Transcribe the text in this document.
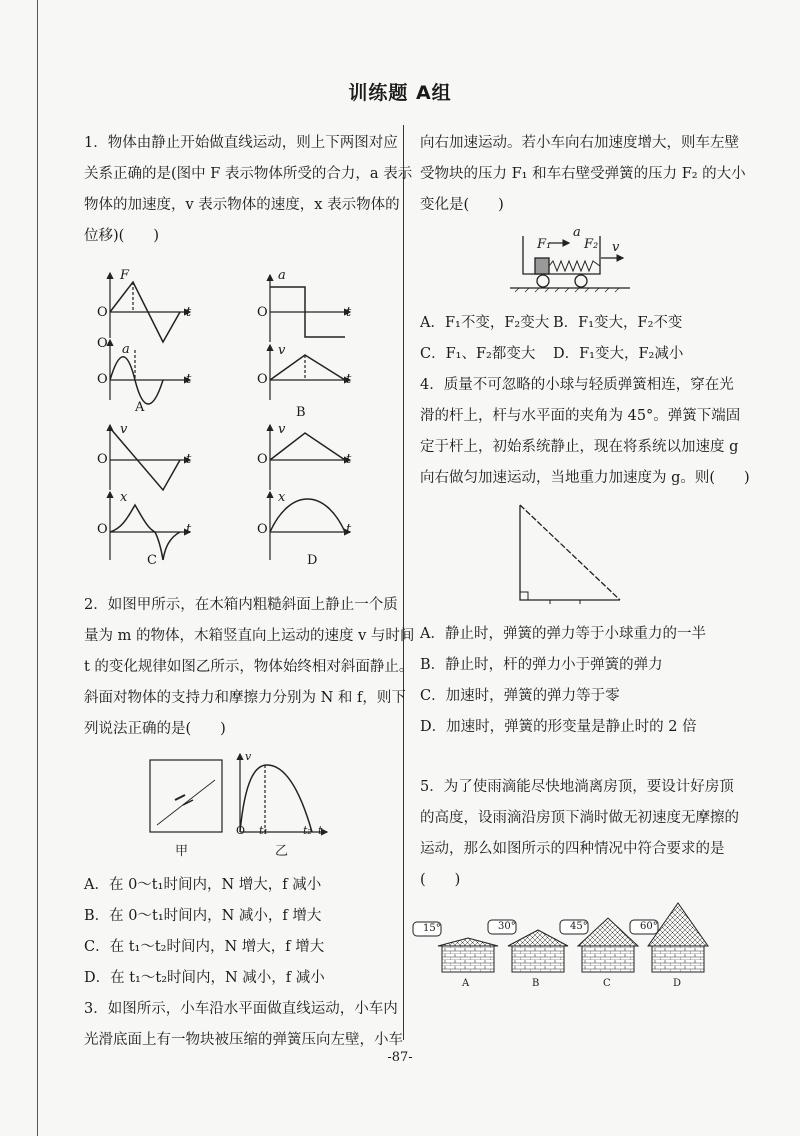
训练题 A组
1．物体由静止开始做直线运动，则上下两图对应
关系正确的是(图中 F 表示物体所受的合力，a 表示
物体的加速度，v 表示物体的速度，x 表示物体的
位移)(　　)
F
O	t
O a
O	t
A
a
O	t
v
O	t
B
v
O	t
x
O	t
C
v
O	t
x
O	t
D
2．如图甲所示，在木箱内粗糙斜面上静止一个质
量为 m 的物体，木箱竖直向上运动的速度 v 与时间
t 的变化规律如图乙所示，物体始终相对斜面静止。
斜面对物体的支持力和摩擦力分别为 N 和 f，则下
列说法正确的是(　　)
v
O t₁	t₂ t
甲	乙
A．在 0～t₁时间内，N 增大，f 减小
B．在 0～t₁时间内，N 减小，f 增大
C．在 t₁～t₂时间内，N 增大，f 增大
D．在 t₁～t₂时间内，N 减小，f 减小
3．如图所示，小车沿水平面做直线运动，小车内
光滑底面上有一物块被压缩的弹簧压向左壁，小车
向右加速运动。若小车向右加速度增大，则车左壁
受物块的压力 F₁ 和车右壁受弹簧的压力 F₂ 的大小
变化是(　　)
F₁	F₂
a
v
A．F₁不变，F₂变大 B．F₁变大，F₂不变
C．F₁、F₂都变大 D．F₁变大，F₂减小
4．质量不可忽略的小球与轻质弹簧相连，穿在光
滑的杆上，杆与水平面的夹角为 45°。弹簧下端固
定于杆上，初始系统静止，现在将系统以加速度 g
向右做匀加速运动，当地重力加速度为 g。则(　　)
A．静止时，弹簧的弹力等于小球重力的一半
B．静止时，杆的弹力小于弹簧的弹力
C．加速时，弹簧的弹力等于零
D．加速时，弹簧的形变量是静止时的 2 倍
5．为了使雨滴能尽快地淌离房顶，要设计好房顶
的高度，设雨滴沿房顶下淌时做无初速度无摩擦的
运动，那么如图所示的四种情况中符合要求的是
(　　)
15°	30°	45°	60°
A	B	C	D
-87-
